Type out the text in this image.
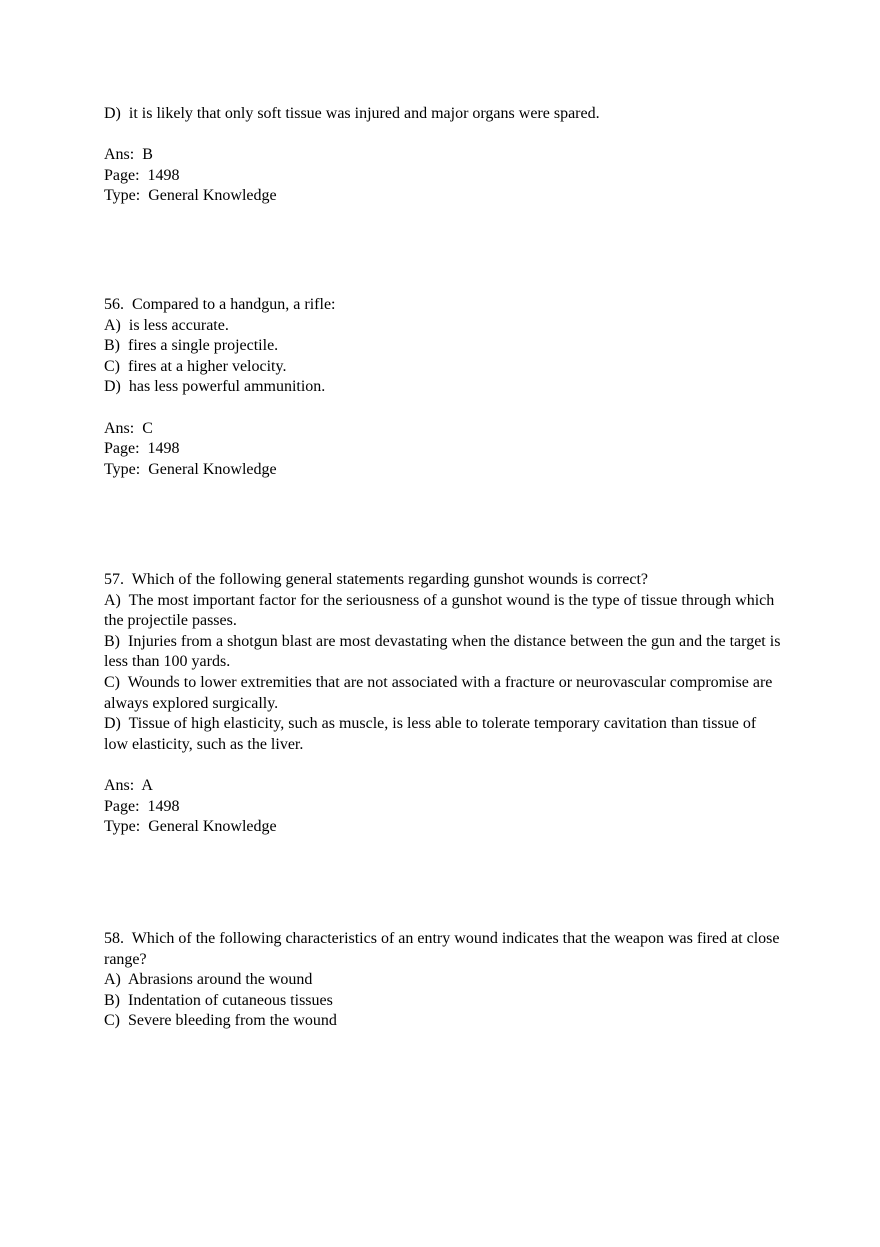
D)  it is likely that only soft tissue was injured and major organs were spared.
Ans:  B
Page:  1498
Type:  General Knowledge
56.  Compared to a handgun, a rifle:
A)  is less accurate.
B)  fires a single projectile.
C)  fires at a higher velocity.
D)  has less powerful ammunition.
Ans:  C
Page:  1498
Type:  General Knowledge
57.  Which of the following general statements regarding gunshot wounds is correct?
A)  The most important factor for the seriousness of a gunshot wound is the type of tissue through which the projectile passes.
B)  Injuries from a shotgun blast are most devastating when the distance between the gun and the target is less than 100 yards.
C)  Wounds to lower extremities that are not associated with a fracture or neurovascular compromise are always explored surgically.
D)  Tissue of high elasticity, such as muscle, is less able to tolerate temporary cavitation than tissue of low elasticity, such as the liver.
Ans:  A
Page:  1498
Type:  General Knowledge
58.  Which of the following characteristics of an entry wound indicates that the weapon was fired at close range?
A)  Abrasions around the wound
B)  Indentation of cutaneous tissues
C)  Severe bleeding from the wound
